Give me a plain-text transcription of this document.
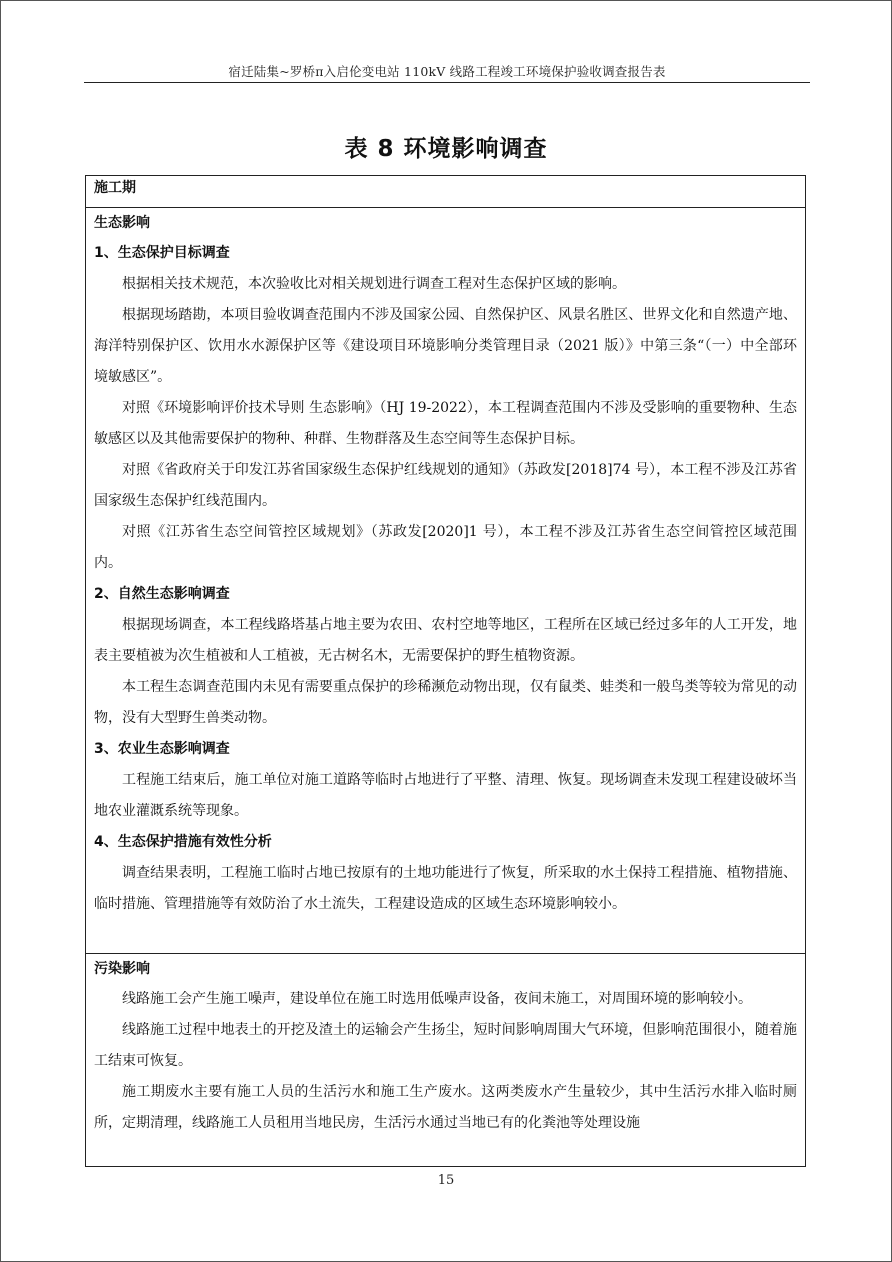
宿迁陆集~罗桥π入启伦变电站 110kV 线路工程竣工环境保护验收调查报告表
表 8 环境影响调查
施工期
生态影响

1、生态保护目标调查

根据相关技术规范，本次验收比对相关规划进行调查工程对生态保护区域的影响。

根据现场踏勘，本项目验收调查范围内不涉及国家公园、自然保护区、风景名胜区、世界文化和自然遗产地、海洋特别保护区、饮用水水源保护区等《建设项目环境影响分类管理目录（2021 版）》中第三条“（一）中全部环境敏感区”。

对照《环境影响评价技术导则 生态影响》（HJ 19-2022），本工程调查范围内不涉及受影响的重要物种、生态敏感区以及其他需要保护的物种、种群、生物群落及生态空间等生态保护目标。

对照《省政府关于印发江苏省国家级生态保护红线规划的通知》（苏政发[2018]74 号），本工程不涉及江苏省国家级生态保护红线范围内。

对照《江苏省生态空间管控区域规划》（苏政发[2020]1 号），本工程不涉及江苏省生态空间管控区域范围内。

2、自然生态影响调查

根据现场调查，本工程线路塔基占地主要为农田、农村空地等地区，工程所在区域已经过多年的人工开发，地表主要植被为次生植被和人工植被，无古树名木，无需要保护的野生植物资源。

本工程生态调查范围内未见有需要重点保护的珍稀濒危动物出现，仅有鼠类、蛙类和一般鸟类等较为常见的动物，没有大型野生兽类动物。

3、农业生态影响调查

工程施工结束后，施工单位对施工道路等临时占地进行了平整、清理、恢复。现场调查未发现工程建设破坏当地农业灌溉系统等现象。

4、生态保护措施有效性分析

调查结果表明，工程施工临时占地已按原有的土地功能进行了恢复，所采取的水土保持工程措施、植物措施、临时措施、管理措施等有效防治了水土流失，工程建设造成的区域生态环境影响较小。

污染影响

线路施工会产生施工噪声，建设单位在施工时选用低噪声设备，夜间未施工，对周围环境的影响较小。

线路施工过程中地表土的开挖及渣土的运输会产生扬尘，短时间影响周围大气环境，但影响范围很小，随着施工结束可恢复。

施工期废水主要有施工人员的生活污水和施工生产废水。这两类废水产生量较少，其中生活污水排入临时厕所，定期清理，线路施工人员租用当地民房，生活污水通过当地已有的化粪池等处理设施

15
